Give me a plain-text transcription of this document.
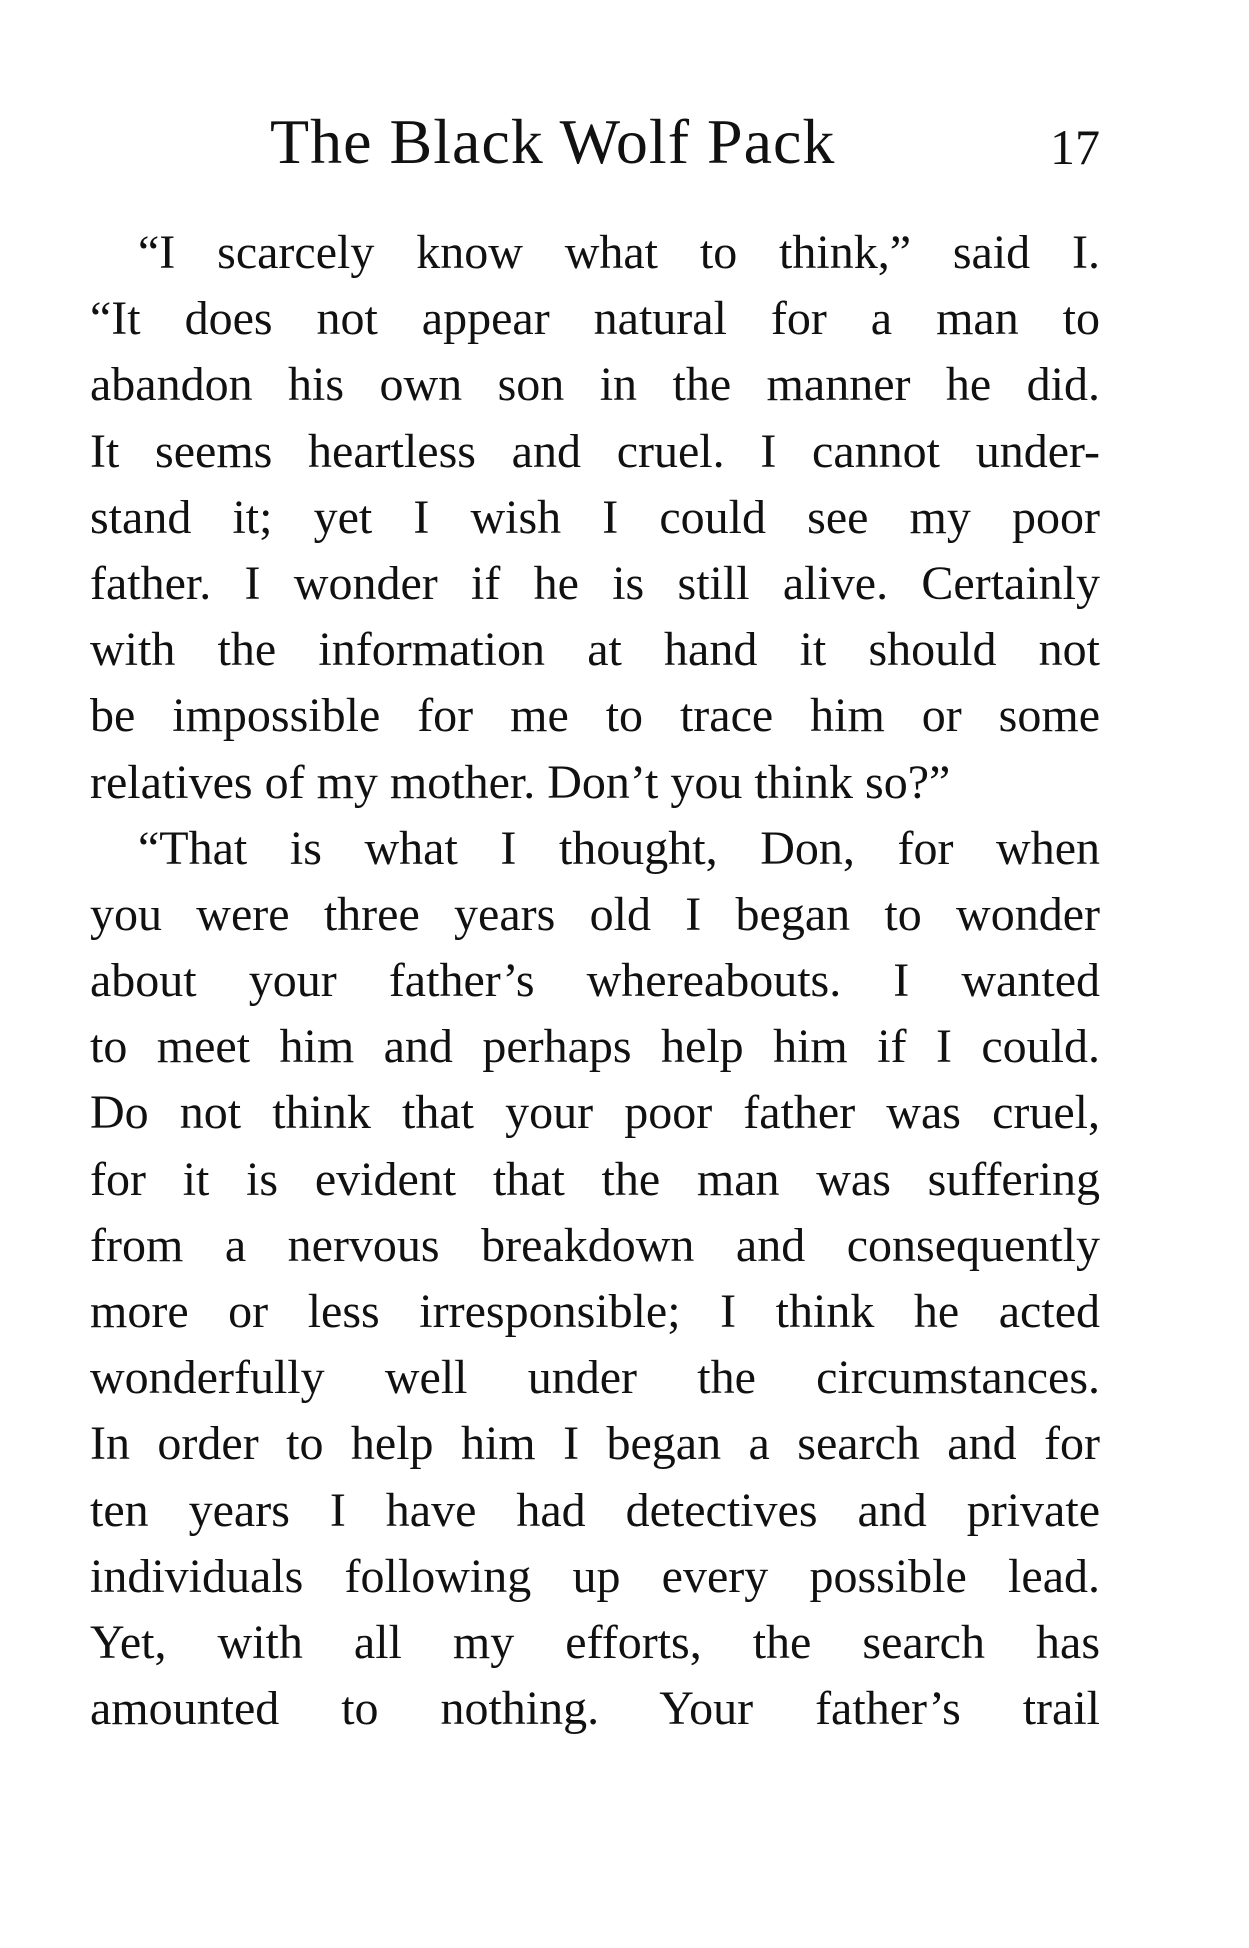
The Black Wolf Pack	17
“I scarcely know what to think,” said I.
“It does not appear natural for a man to
abandon his own son in the manner he did.
It seems heartless and cruel. I cannot under-
stand it; yet I wish I could see my poor
father. I wonder if he is still alive. Certainly
with the information at hand it should not
be impossible for me to trace him or some
relatives of my mother. Don’t you think so?”
“That is what I thought, Don, for when
you were three years old I began to wonder
about your father’s whereabouts. I wanted
to meet him and perhaps help him if I could.
Do not think that your poor father was cruel,
for it is evident that the man was suffering
from a nervous breakdown and consequently
more or less irresponsible; I think he acted
wonderfully well under the circumstances.
In order to help him I began a search and for
ten years I have had detectives and private
individuals following up every possible lead.
Yet, with all my efforts, the search has
amounted to nothing. Your father’s trail
